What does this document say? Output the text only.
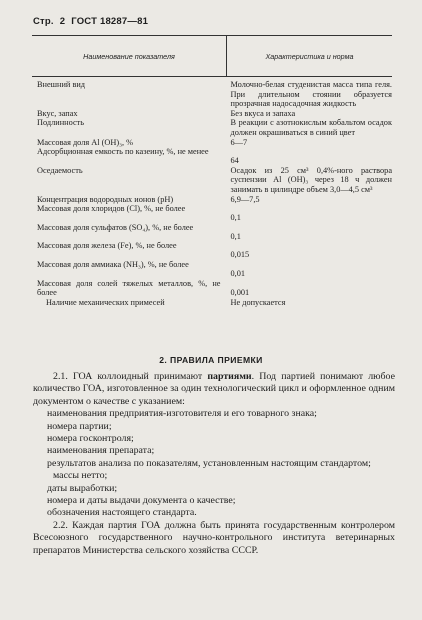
Стр. 2 ГОСТ 18287—81
Наименование показателя	Характеристика и норма

Внешний вид	Молочно-белая студенистая масса типа геля. При длительном стоянии образуется прозрачная надосадочная жидкость
Вкус, запах	Без вкуса и запаха
Подлинность	В реакции с азотнокислым кобальтом осадок должен окрашиваться в синий цвет
Массовая доля Al (OH)₃, %	6—7
Адсорбционная емкость по казеину, %, не менее	64
Оседаемость	Осадок из 25 см³ 0,4%-ного раствора суспензии Al (OH)₃ через 18 ч должен занимать в цилиндре объем 3,0—4,5 см³
Концентрация водородных ионов (pH)	6,9—7,5
Массовая доля хлоридов (Cl), %, не более	0,1
Массовая доля сульфатов (SO₄), %, не более	0,1
Массовая доля железа (Fe), %, не более	0,015
Массовая доля аммиака (NH₃), %, не более	0,01
Массовая доля солей тяжелых металлов, %, не более	0,001
Наличие механических примесей	Не допускается
2. ПРАВИЛА ПРИЕМКИ

2.1. ГОА коллоидный принимают партиями. Под партией понимают любое количество ГОА, изготовленное за один технологический цикл и оформленное одним документом о качестве с указанием:

наименования предприятия-изготовителя и его товарного знака;

номера партии;

номера госконтроля;

наименования препарата;

результатов анализа по показателям, установленным настоящим стандартом;

массы нетто;

даты выработки;

номера и даты выдачи документа о качестве;

обозначения настоящего стандарта.

2.2. Каждая партия ГОА должна быть принята государственным контролером Всесоюзного государственного научно-контрольного института ветеринарных препаратов Министерства сельского хозяйства СССР.
